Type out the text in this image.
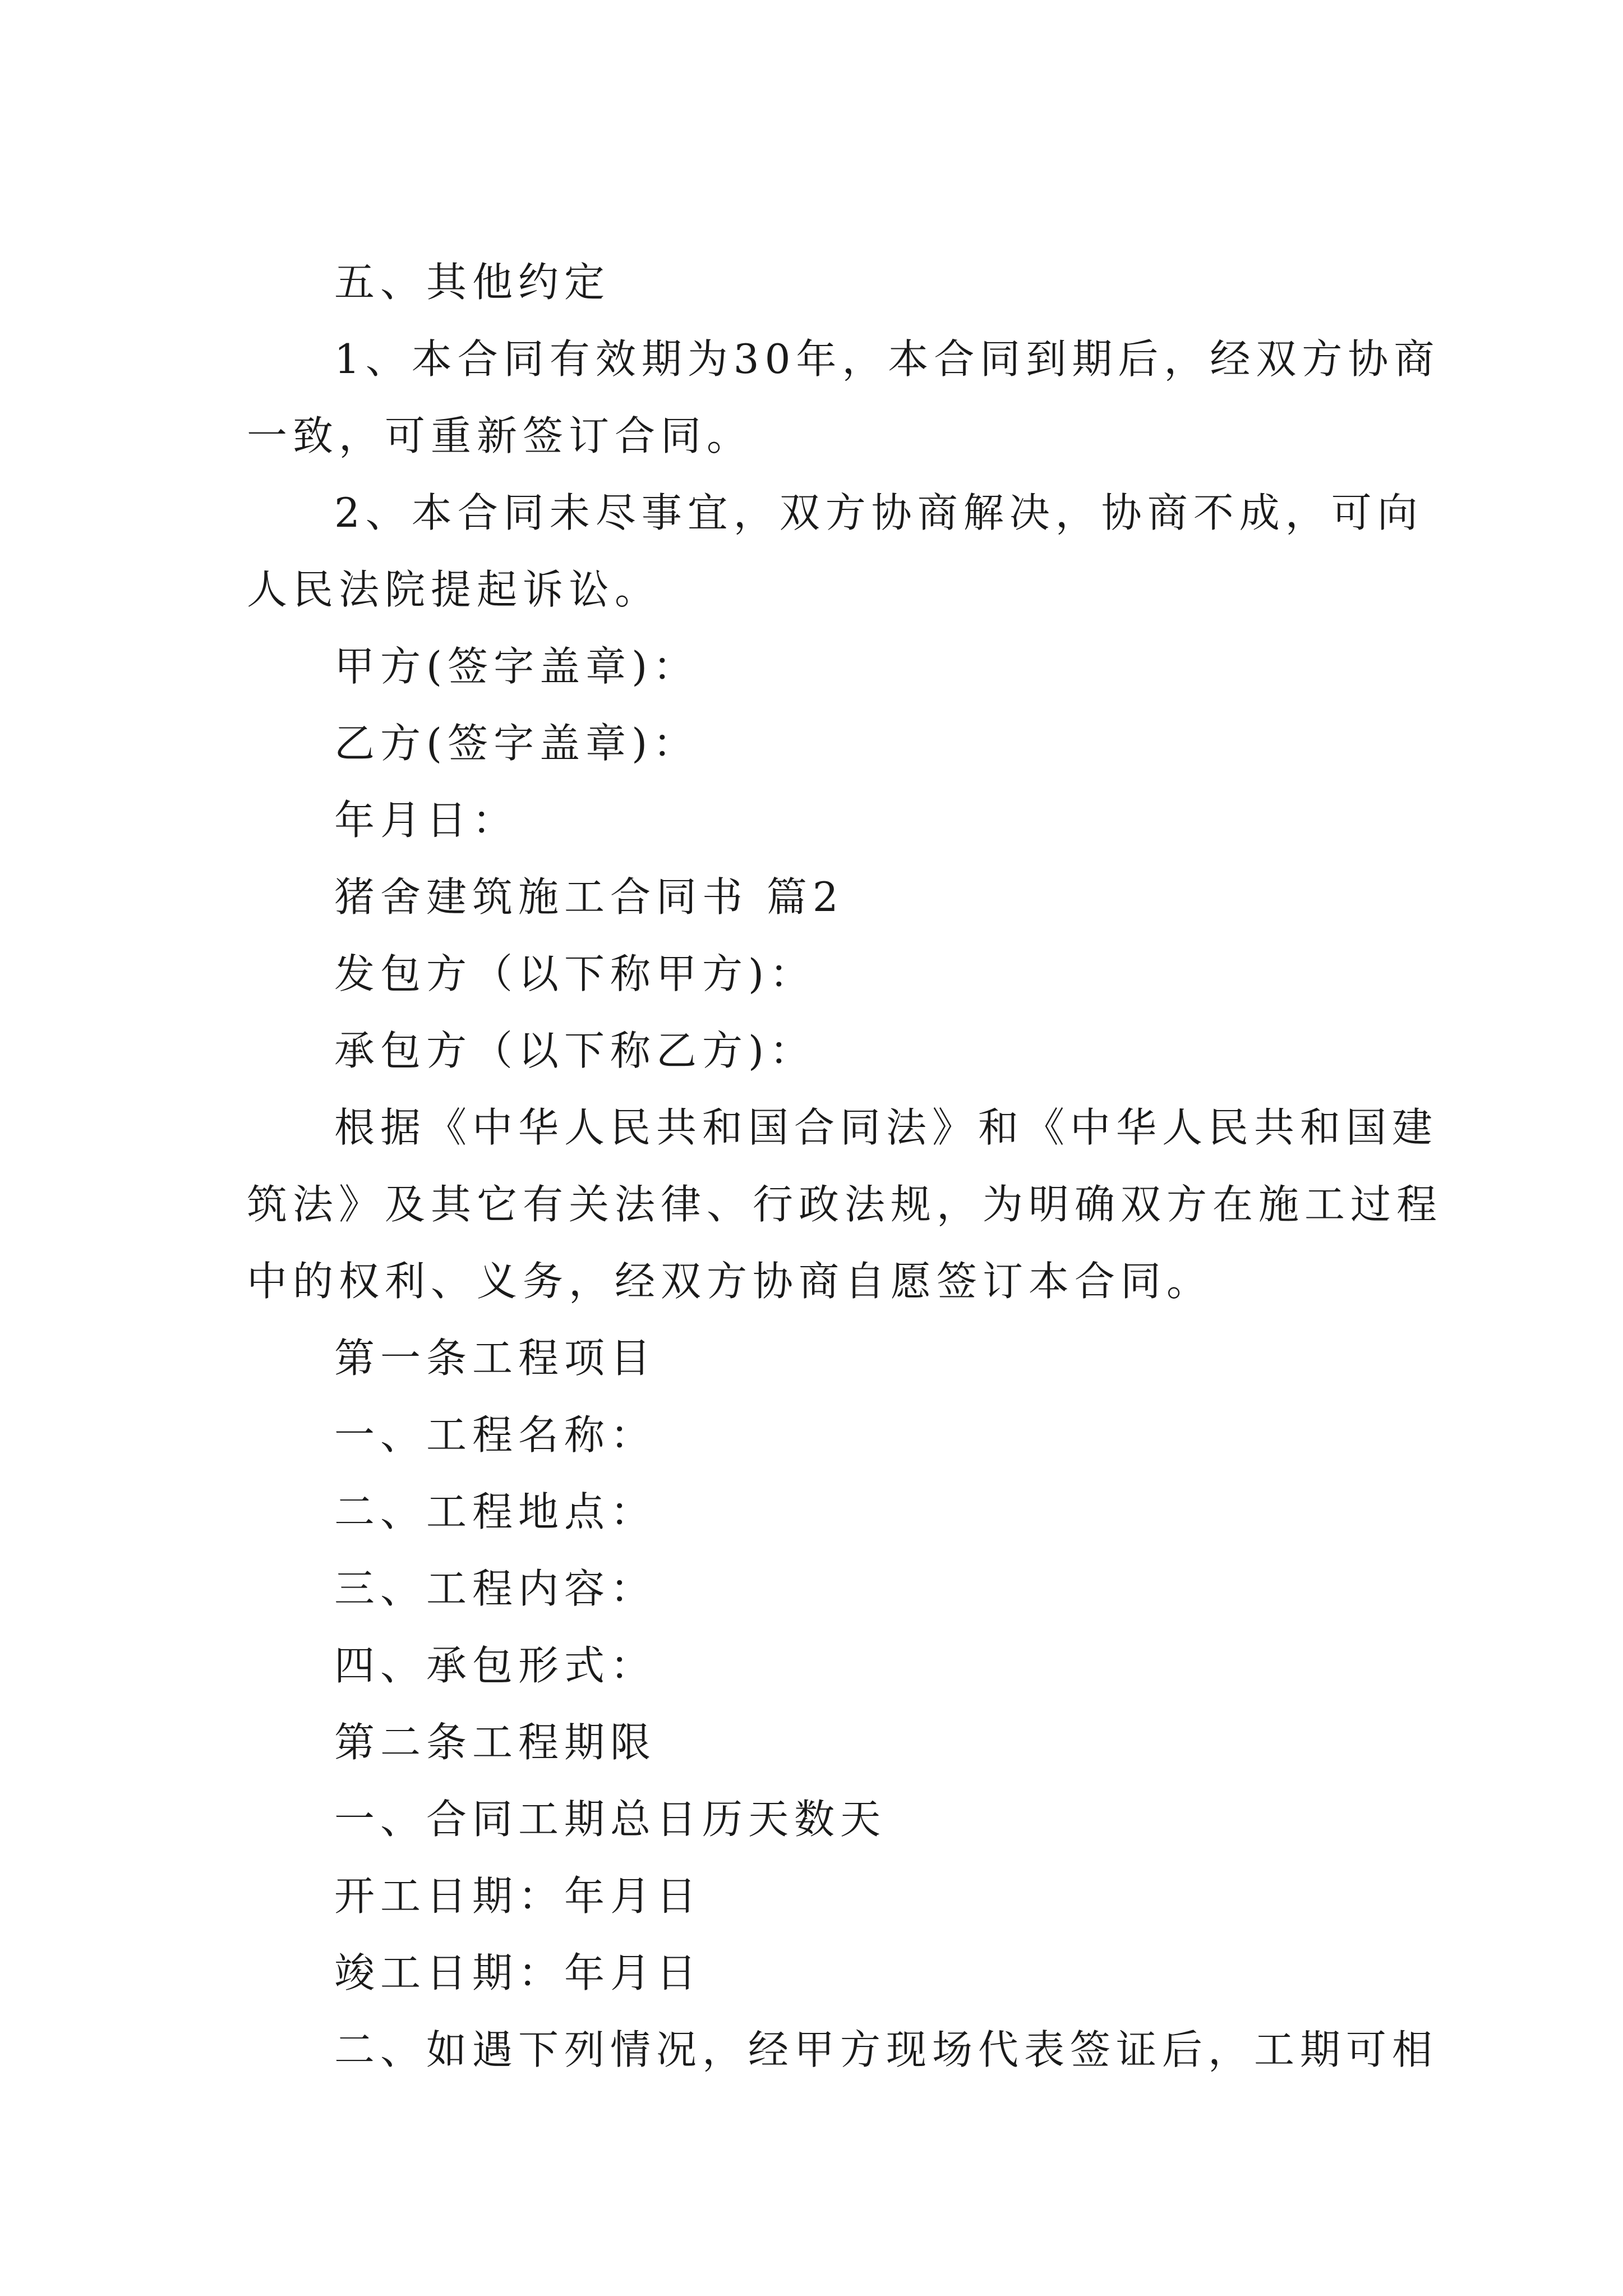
五、其他约定

1、本合同有效期为30年，本合同到期后，经双方协商

一致，可重新签订合同。

2、本合同未尽事宜，双方协商解决，协商不成，可向

人民法院提起诉讼。

甲方(签字盖章)：

乙方(签字盖章)：

年月日：

猪舍建筑施工合同书 篇2

发包方（以下称甲方)：

承包方（以下称乙方)：

根据《中华人民共和国合同法》和《中华人民共和国建

筑法》及其它有关法律、行政法规，为明确双方在施工过程

中的权利、义务，经双方协商自愿签订本合同。

第一条工程项目

一、工程名称：

二、工程地点：

三、工程内容：

四、承包形式：

第二条工程期限

一、合同工期总日历天数天

开工日期：年月日

竣工日期：年月日

二、如遇下列情况，经甲方现场代表签证后，工期可相
